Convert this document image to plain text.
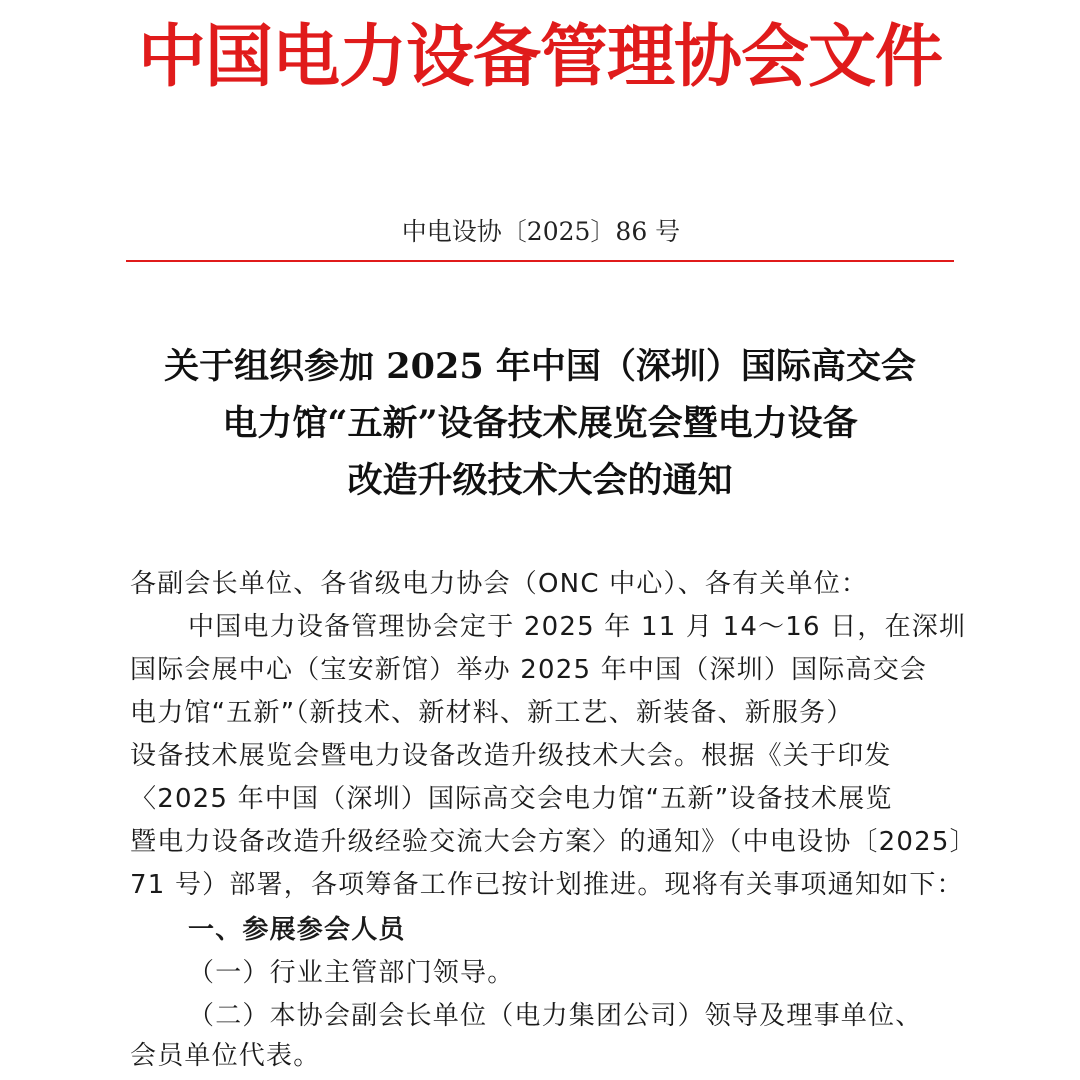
中国电力设备管理协会文件
中电设协〔2025〕86 号
关于组织参加 2025 年中国（深圳）国际高交会
电力馆“五新”设备技术展览会暨电力设备
改造升级技术大会的通知
各副会长单位、各省级电力协会（ONC 中心）、各有关单位：
中国电力设备管理协会定于 2025 年 11 月 14～16 日，在深圳
国际会展中心（宝安新馆）举办 2025 年中国（深圳）国际高交会
电力馆“五新”（新技术、新材料、新工艺、新装备、新服务）
设备技术展览会暨电力设备改造升级技术大会。根据《关于印发
〈2025 年中国（深圳）国际高交会电力馆“五新”设备技术展览
暨电力设备改造升级经验交流大会方案〉的通知》（中电设协〔2025〕
71 号）部署，各项筹备工作已按计划推进。现将有关事项通知如下：
一、参展参会人员
（一）行业主管部门领导。
（二）本协会副会长单位（电力集团公司）领导及理事单位、
会员单位代表。
